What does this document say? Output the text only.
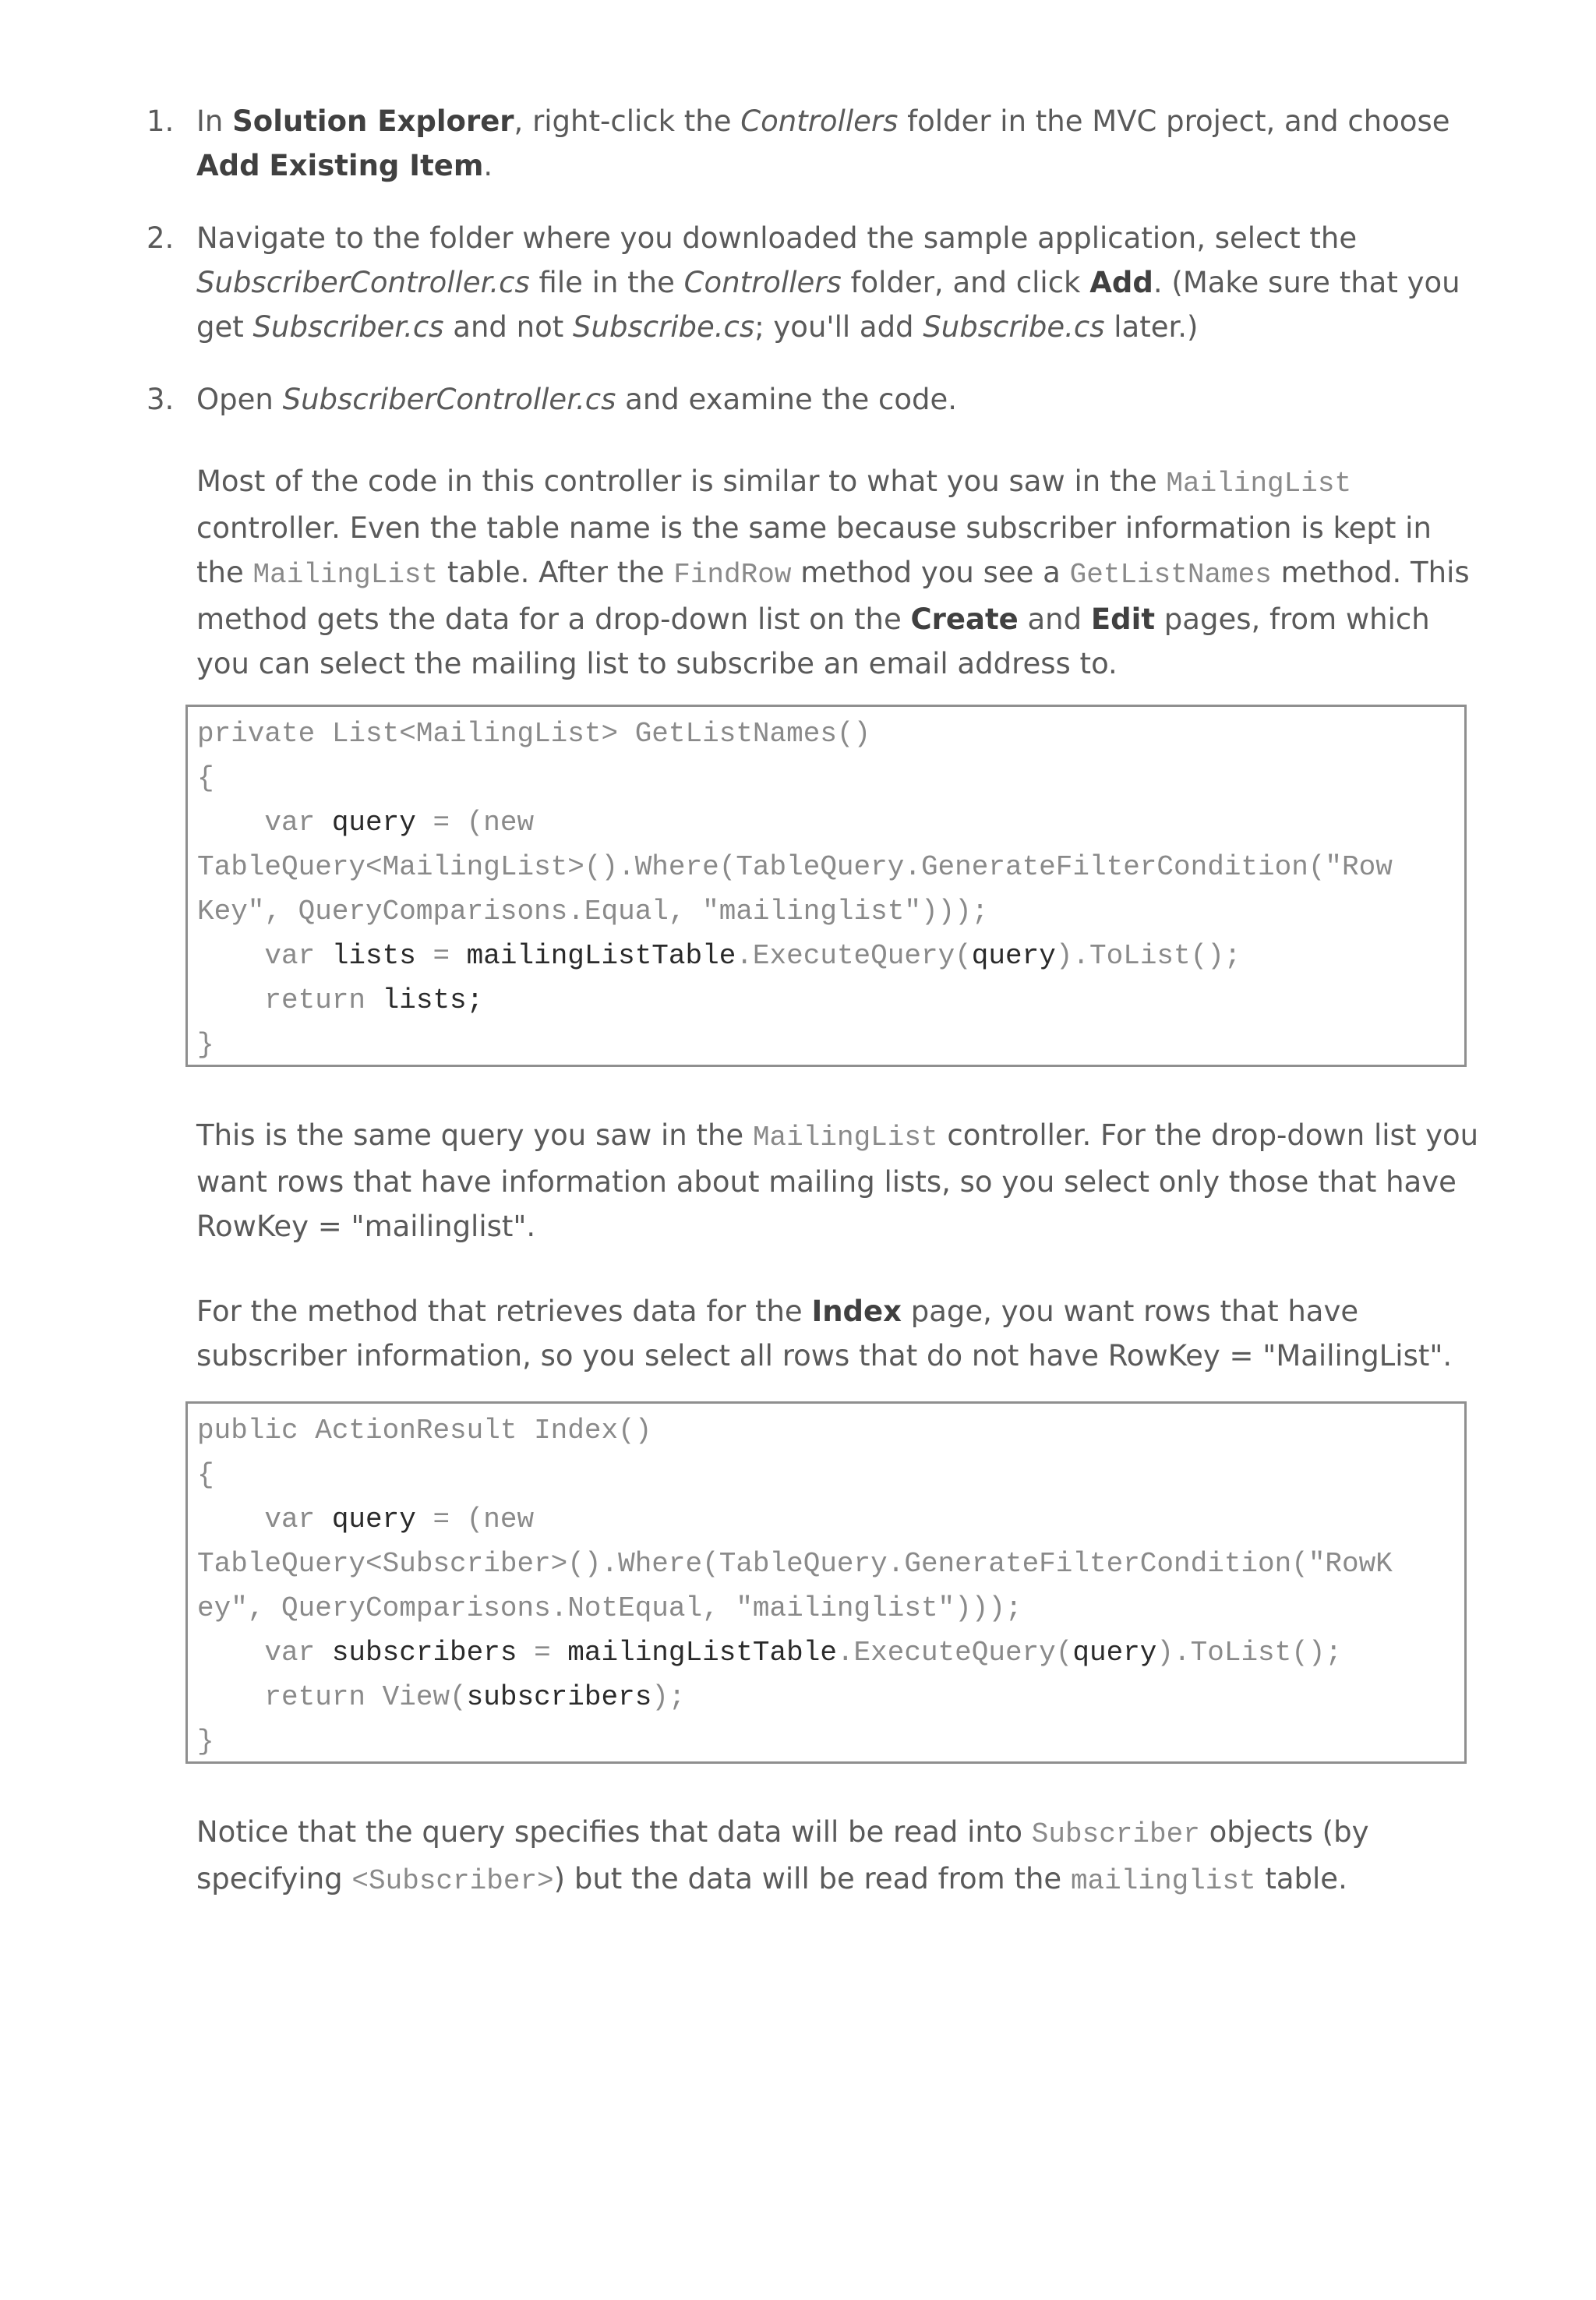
1. In Solution Explorer, right-click the Controllers folder in the MVC project, and choose Add Existing Item.
2. Navigate to the folder where you downloaded the sample application, select the SubscriberController.cs file in the Controllers folder, and click Add. (Make sure that you get Subscriber.cs and not Subscribe.cs; you'll add Subscribe.cs later.)
3. Open SubscriberController.cs and examine the code.
Most of the code in this controller is similar to what you saw in the MailingList controller. Even the table name is the same because subscriber information is kept in the MailingList table. After the FindRow method you see a GetListNames method. This method gets the data for a drop-down list on the Create and Edit pages, from which you can select the mailing list to subscribe an email address to.
private List<MailingList> GetListNames()
{
var query = (new
TableQuery<MailingList>().Where(TableQuery.GenerateFilterCondition("Row
Key", QueryComparisons.Equal, "mailinglist")));
var lists = mailingListTable.ExecuteQuery(query).ToList();
return lists;
}
This is the same query you saw in the MailingList controller. For the drop-down list you want rows that have information about mailing lists, so you select only those that have RowKey = "mailinglist".
For the method that retrieves data for the Index page, you want rows that have subscriber information, so you select all rows that do not have RowKey = "MailingList".
public ActionResult Index()
{
var query = (new
TableQuery<Subscriber>().Where(TableQuery.GenerateFilterCondition("RowK
ey", QueryComparisons.NotEqual, "mailinglist")));
var subscribers = mailingListTable.ExecuteQuery(query).ToList();
return View(subscribers);
}
Notice that the query specifies that data will be read into Subscriber objects (by specifying <Subscriber>) but the data will be read from the mailinglist table.
